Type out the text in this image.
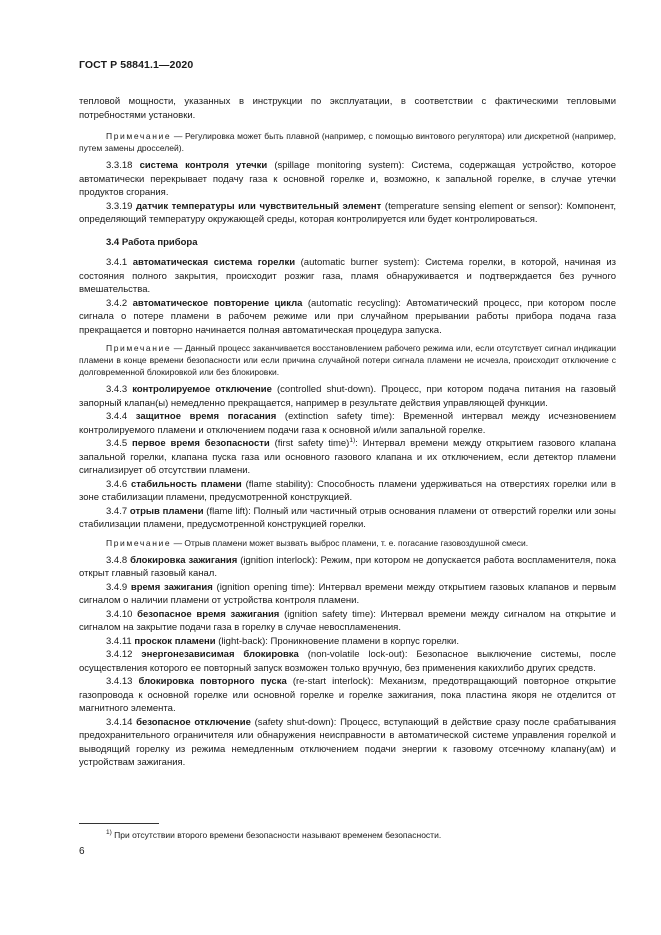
ГОСТ Р 58841.1—2020

тепловой мощности, указанных в инструкции по эксплуатации, в соответствии с фактическими тепловыми потребностями установки.

Примечание — Регулировка может быть плавной (например, с помощью винтового регулятора) или дискретной (например, путем замены дросселей).

3.3.18 система контроля утечки (spillage monitoring system): Система, содержащая устройство, которое автоматически перекрывает подачу газа к основной горелке и, возможно, к запальной горелке, в случае утечки продуктов сгорания.

3.3.19 датчик температуры или чувствительный элемент (temperature sensing element or sensor): Компонент, определяющий температуру окружающей среды, которая контролируется или будет контролироваться.

3.4 Работа прибора

3.4.1 автоматическая система горелки (automatic burner system): Система горелки, в которой, начиная из состояния полного закрытия, происходит розжиг газа, пламя обнаруживается и подтверждается без ручного вмешательства.

3.4.2 автоматическое повторение цикла (automatic recycling): Автоматический процесс, при котором после сигнала о потере пламени в рабочем режиме или при случайном прерывании работы прибора подача газа прекращается и повторно начинается полная автоматическая процедура запуска.

Примечание — Данный процесс заканчивается восстановлением рабочего режима или, если отсутствует сигнал индикации пламени в конце времени безопасности или если причина случайной потери сигнала пламени не исчезла, происходит отключение с долговременной блокировкой или без блокировки.

3.4.3 контролируемое отключение (controlled shut-down). Процесс, при котором подача питания на газовый запорный клапан(ы) немедленно прекращается, например в результате действия управляющей функции.

3.4.4 защитное время погасания (extinction safety time): Временной интервал между исчезновением контролируемого пламени и отключением подачи газа к основной и/или запальной горелке.

3.4.5 первое время безопасности (first safety time)$^{1)}$: Интервал времени между открытием газового клапана запальной горелки, клапана пуска газа или основного газового клапана и их отключением, если детектор пламени сигнализирует об отсутствии пламени.

3.4.6 стабильность пламени (flame stability): Способность пламени удерживаться на отверстиях горелки или в зоне стабилизации пламени, предусмотренной конструкцией.

3.4.7 отрыв пламени (flame lift): Полный или частичный отрыв основания пламени от отверстий горелки или зоны стабилизации пламени, предусмотренной конструкцией горелки.

Примечание — Отрыв пламени может вызвать выброс пламени, т. е. погасание газовоздушной смеси.

3.4.8 блокировка зажигания (ignition interlock): Режим, при котором не допускается работа воспламенителя, пока открыт главный газовый канал.

3.4.9 время зажигания (ignition opening time): Интервал времени между открытием газовых клапанов и первым сигналом о наличии пламени от устройства контроля пламени.

3.4.10 безопасное время зажигания (ignition safety time): Интервал времени между сигналом на открытие и сигналом на закрытие подачи газа в горелку в случае невоспламенения.

3.4.11 проскок пламени (light-back): Проникновение пламени в корпус горелки.

3.4.12 энергонезависимая блокировка (non-volatile lock-out): Безопасное выключение системы, после осуществления которого ее повторный запуск возможен только вручную, без применения какихлибо других средств.

3.4.13 блокировка повторного пуска (re-start interlock): Механизм, предотвращающий повторное открытие газопровода к основной горелке или основной горелке и горелке зажигания, пока пластина якоря не отделится от магнитного элемента.

3.4.14 безопасное отключение (safety shut-down): Процесс, вступающий в действие сразу после срабатывания предохранительного ограничителя или обнаружения неисправности в автоматической системе управления горелкой и выводящий горелку из режима немедленным отключением подачи энергии к газовому отсечному клапану(ам) и устройствам зажигания.

$^{1)}$ При отсутствии второго времени безопасности называют временем безопасности.
6
